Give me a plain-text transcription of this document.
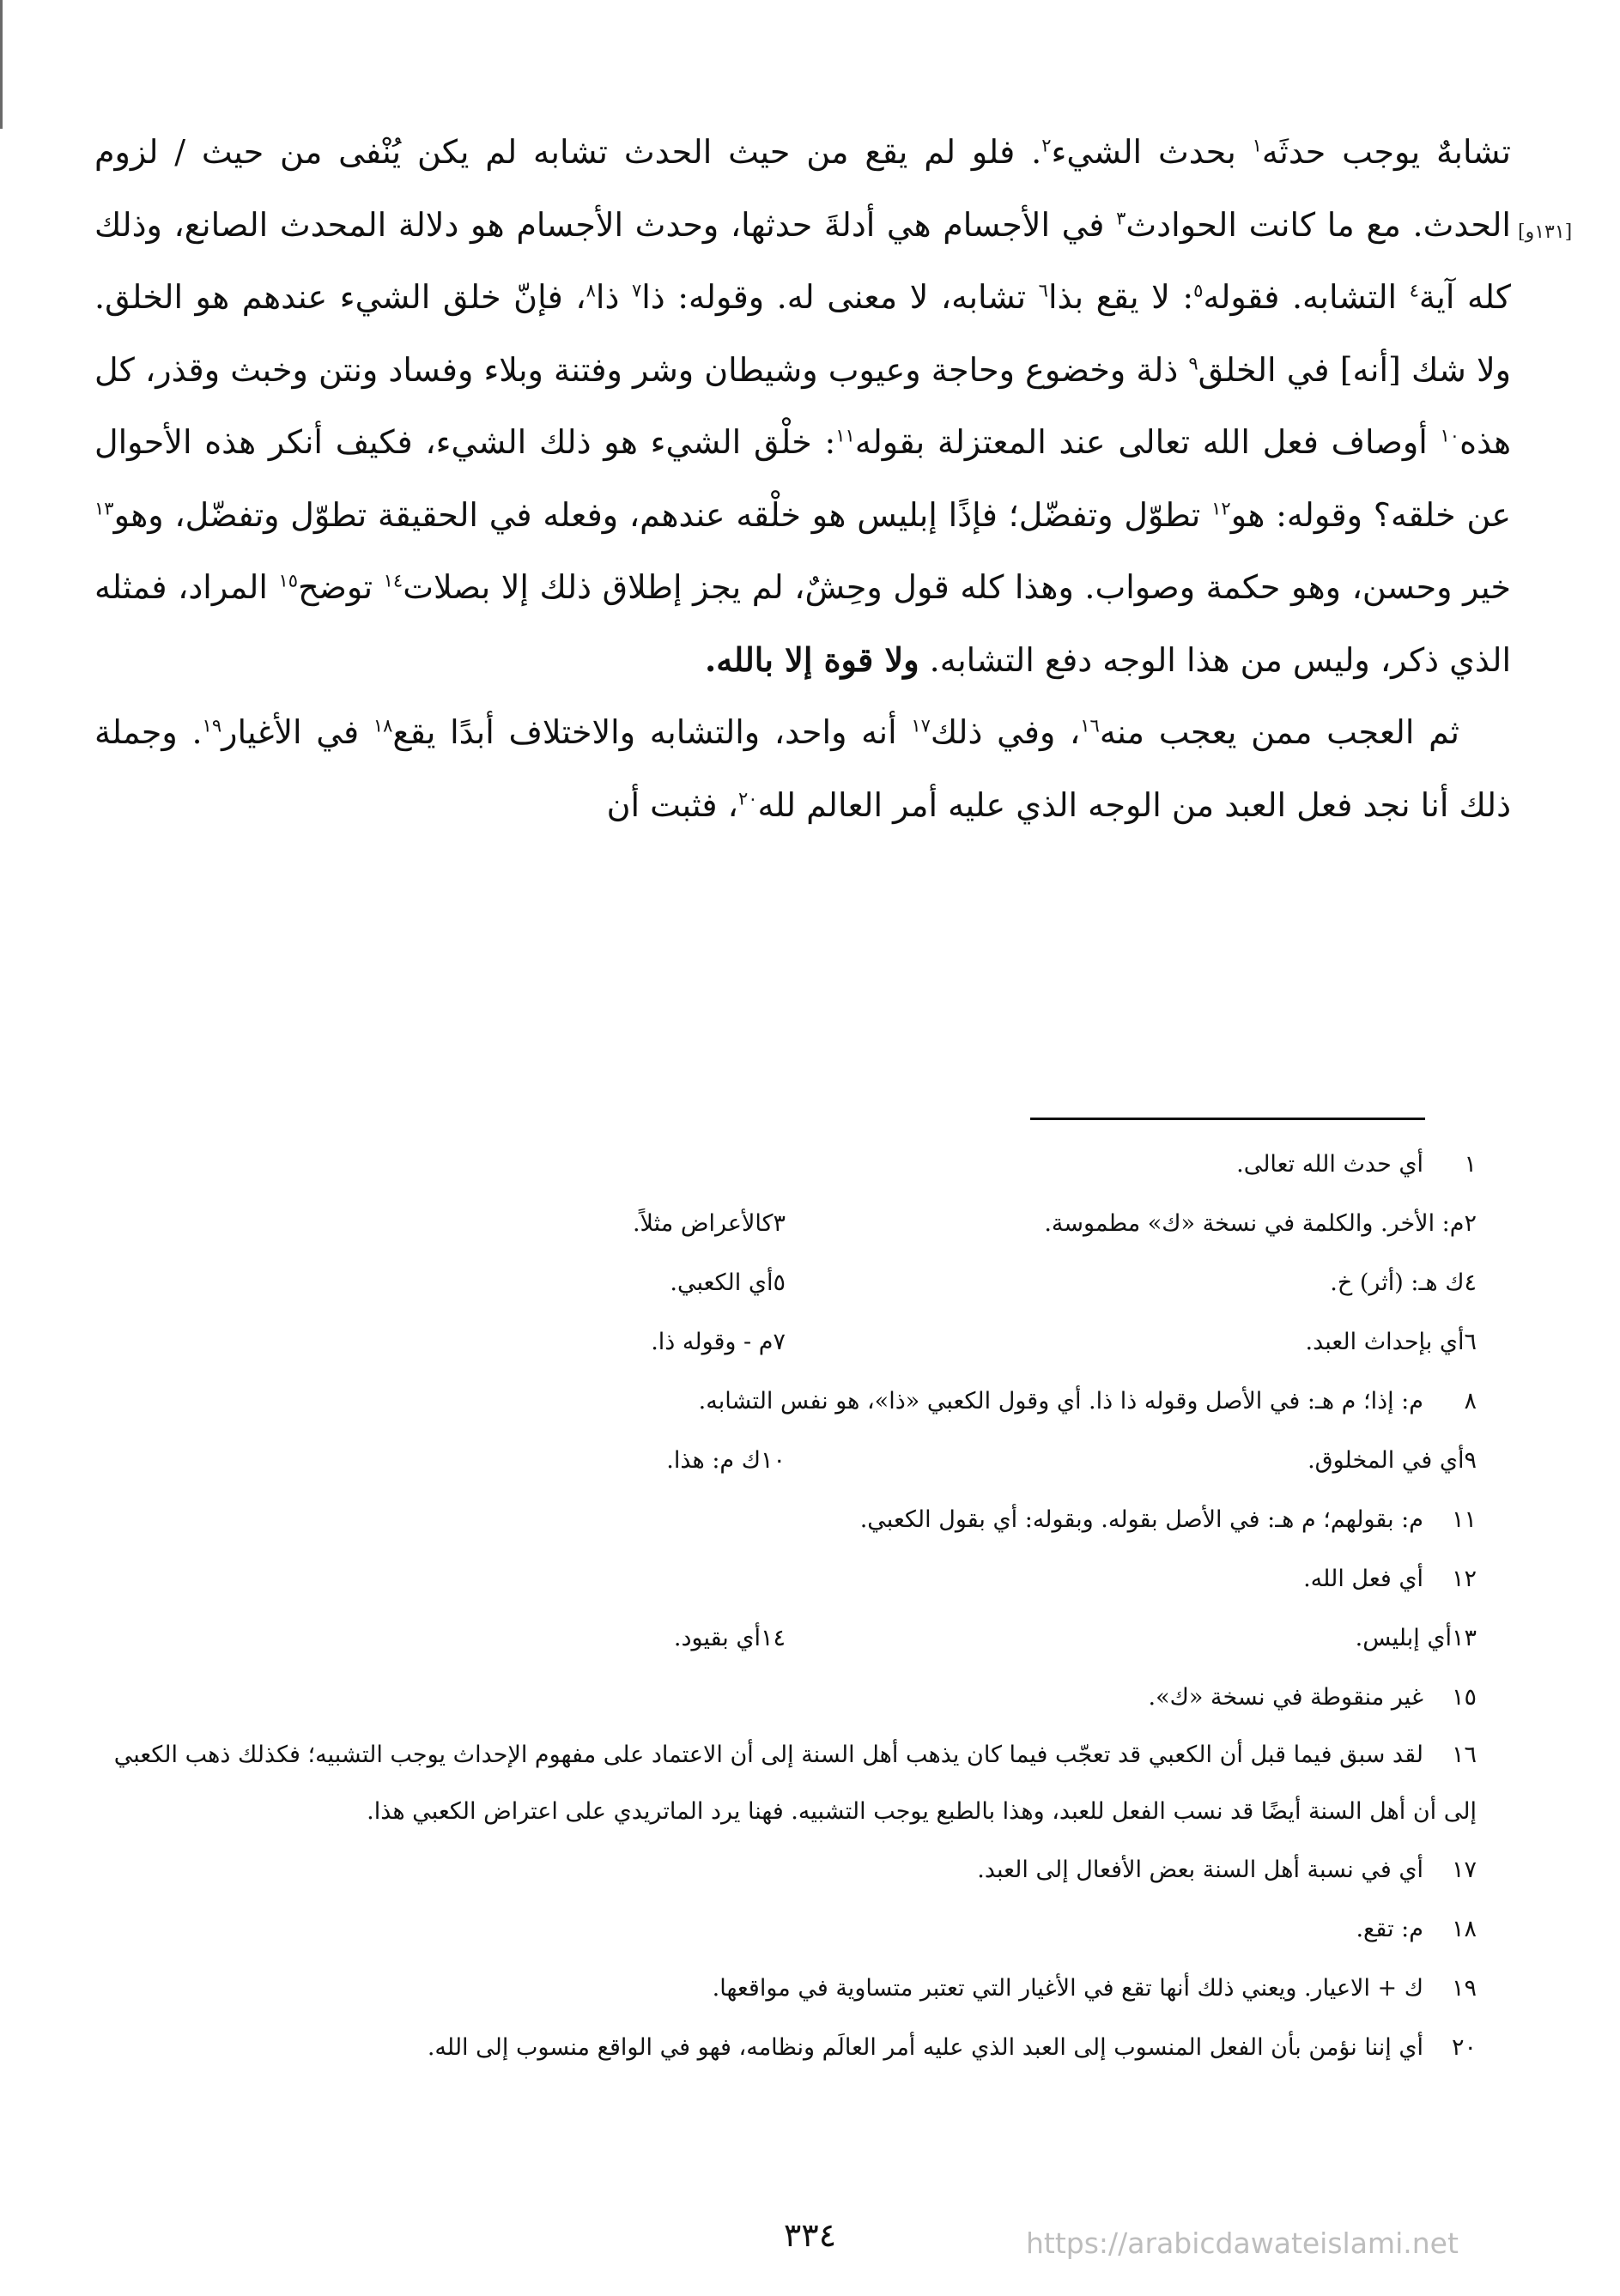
[١٣١و]

تشابهٌ يوجب حدثَه$^١$ بحدث الشيء$^٢$. فلو لم يقع من حيث الحدث تشابه لم يكن يُنْفى من حيث / لزوم الحدث. مع ما كانت الحوادث$^٣$ في الأجسام هي أدلةَ حدثها، وحدث الأجسام هو دلالة المحدث الصانع، وذلك كله آية$^٤$ التشابه. فقوله$^٥$: لا يقع بذا$^٦$ تشابه، لا معنى له. وقوله: ذا$^٧$ ذا$^٨$، فإنّ خلق الشيء عندهم هو الخلق. ولا شك [أنه] في الخلق$^٩$ ذلة وخضوع وحاجة وعيوب وشيطان وشر وفتنة وبلاء وفساد ونتن وخبث وقذر، كل هذه$^{١٠}$ أوصاف فعل الله تعالى عند المعتزلة بقوله$^{١١}$: خلْق الشيء هو ذلك الشيء، فكيف أنكر هذه الأحوال عن خلقه؟ وقوله: هو$^{١٢}$ تطوّل وتفضّل؛ فإذًا إبليس هو خلْقه عندهم، وفعله في الحقيقة تطوّل وتفضّل، وهو$^{١٣}$ خير وحسن، وهو حكمة وصواب. وهذا كله قول وحِشٌ، لم يجز إطلاق ذلك إلا بصلات$^{١٤}$ توضح$^{١٥}$ المراد، فمثله الذي ذكر، وليس من هذا الوجه دفع التشابه. ولا قوة إلا بالله.

ثم العجب ممن يعجب منه$^{١٦}$، وفي ذلك$^{١٧}$ أنه واحد، والتشابه والاختلاف أبدًا يقع$^{١٨}$ في الأغيار$^{١٩}$. وجملة ذلك أنا نجد فعل العبد من الوجه الذي عليه أمر العالم لله$^{٢٠}$، فثبت أن

١أي حدث الله تعالى.
٢م: الأخر. والكلمة في نسخة «ك» مطموسة.
٣كالأعراض مثلاً.
٤ك هـ: (أثر) خ.
٥أي الكعبي.
٦أي بإحداث العبد.
٧م - وقوله ذا.
٨م: إذا؛ م هـ: في الأصل وقوله ذا ذا. أي وقول الكعبي «ذا»، هو نفس التشابه.
٩أي في المخلوق.
١٠ك م: هذا.
١١م: بقولهم؛ م هـ: في الأصل بقوله. وبقوله: أي بقول الكعبي.
١٢أي فعل الله.
١٣أي إبليس.
١٤أي بقيود.
١٥غير منقوطة في نسخة «ك».
١٦لقد سبق فيما قبل أن الكعبي قد تعجّب فيما كان يذهب أهل السنة إلى أن الاعتماد على مفهوم الإحداث يوجب التشبيه؛ فكذلك ذهب الكعبي إلى أن أهل السنة أيضًا قد نسب الفعل للعبد، وهذا بالطبع يوجب التشبيه. فهنا يرد الماتريدي على اعتراض الكعبي هذا.
١٧أي في نسبة أهل السنة بعض الأفعال إلى العبد.
١٨م: تقع.
١٩ك + الاعيار. ويعني ذلك أنها تقع في الأغيار التي تعتبر متساوية في مواقعها.
٢٠أي إننا نؤمن بأن الفعل المنسوب إلى العبد الذي عليه أمر العالَم ونظامه، فهو في الواقع منسوب إلى الله.
٣٣٤	https://arabicdawateislami.net
